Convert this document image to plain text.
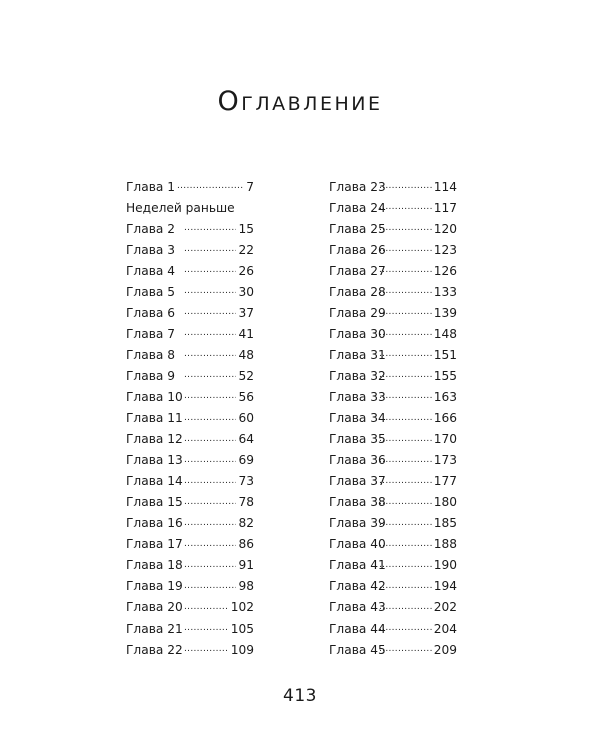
Оглавление
Глава 1 .....	7
Неделей раньше
Глава 2 .....	15
Глава 3 .....	22
Глава 4 .....	26
Глава 5 .....	30
Глава 6 .....	37
Глава 7 .....	41
Глава 8 .....	48
Глава 9 .....	52
Глава 10 .....	56
Глава 11 .....	60
Глава 12 .....	64
Глава 13 .....	69
Глава 14 .....	73
Глава 15 .....	78
Глава 16 .....	82
Глава 17 .....	86
Глава 18 .....	91
Глава 19 .....	98
Глава 20 .....	102
Глава 21 .....	105
Глава 22 .....	109
Глава 23 .....	114
Глава 24 .....	117
Глава 25 .....	120
Глава 26 .....	123
Глава 27 .....	126
Глава 28 .....	133
Глава 29 .....	139
Глава 30 .....	148
Глава 31 .....	151
Глава 32 .....	155
Глава 33 .....	163
Глава 34 .....	166
Глава 35 .....	170
Глава 36 .....	173
Глава 37 .....	177
Глава 38 .....	180
Глава 39 .....	185
Глава 40 .....	188
Глава 41 .....	190
Глава 42 .....	194
Глава 43 .....	202
Глава 44 .....	204
Глава 45 .....	209
413
